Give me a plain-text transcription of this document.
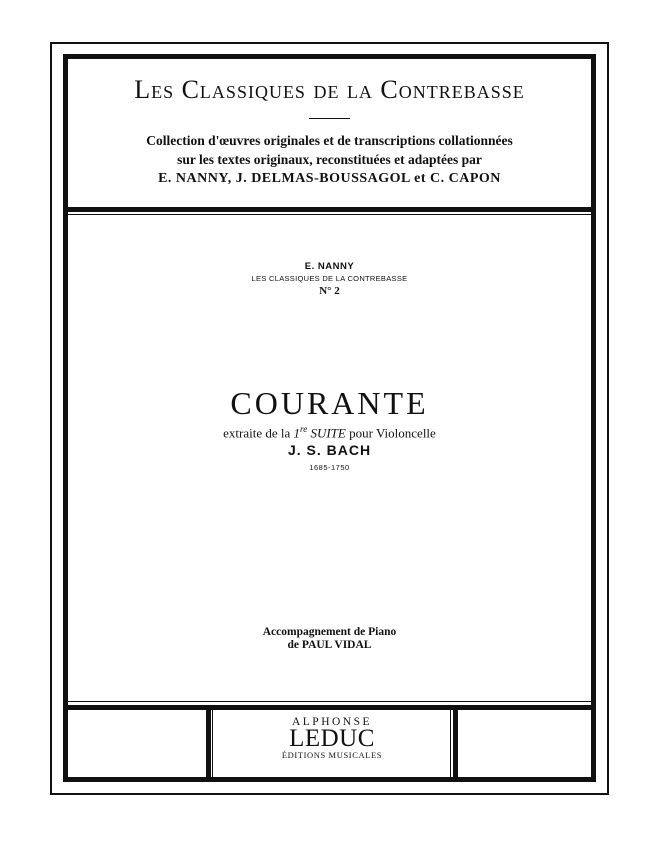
Les Classiques de la Contrebasse
Collection d'œuvres originales et de transcriptions collationnées
sur les textes originaux, reconstituées et adaptées par
E. NANNY, J. DELMAS-BOUSSAGOL et C. CAPON
E. NANNY
LES CLASSIQUES DE LA CONTREBASSE
N° 2
COURANTE
extraite de la 1re SUITE pour Violoncelle
J. S. BACH
1685-1750
Accompagnement de Piano
de PAUL VIDAL
ALPHONSE
LEDUC
ÉDITIONS MUSICALES
